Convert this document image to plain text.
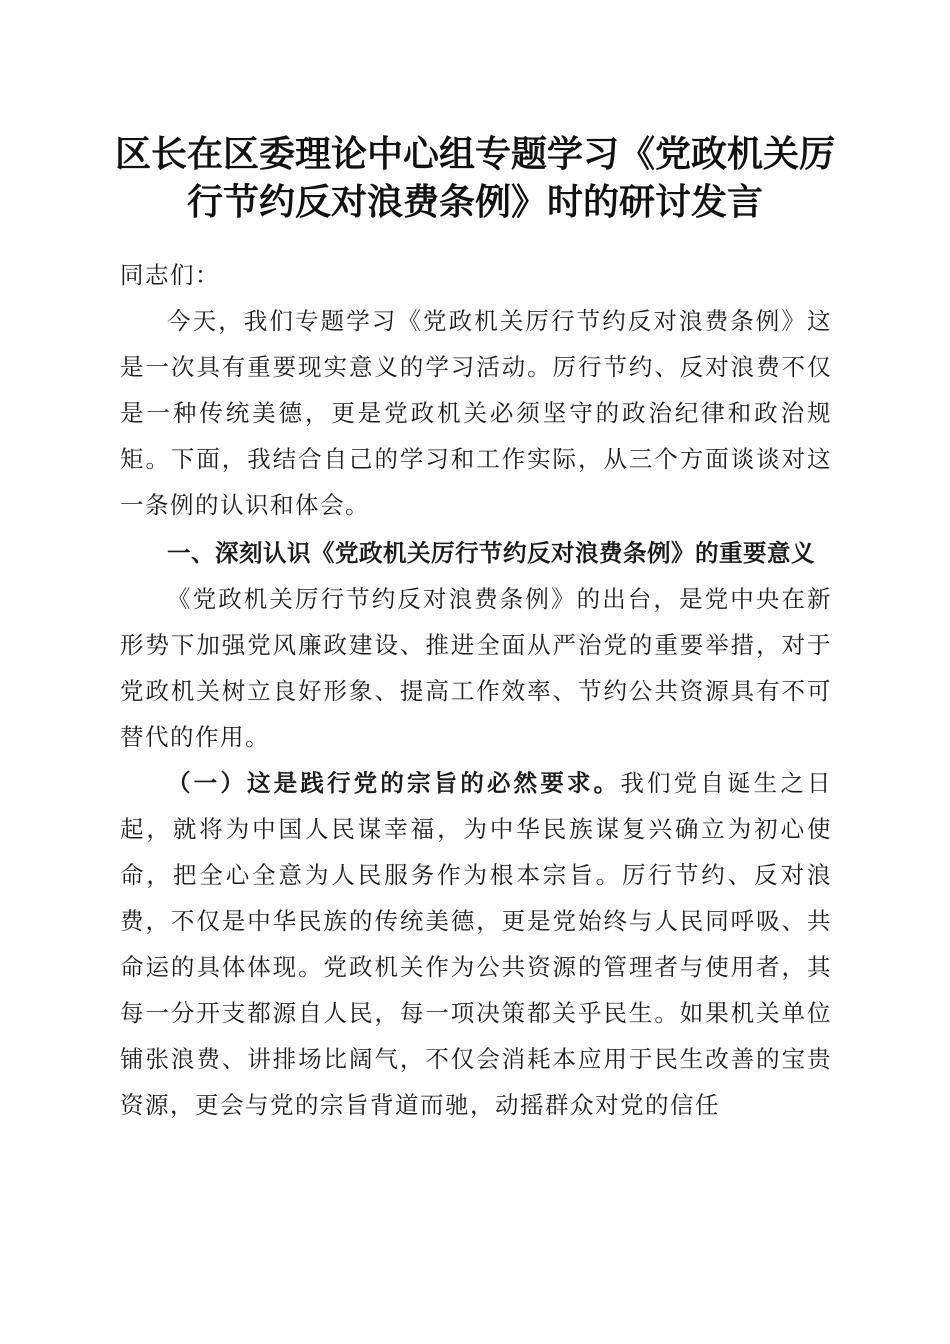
区长在区委理论中心组专题学习《党政机关厉
行节约反对浪费条例》时的研讨发言

同志们：

今天，我们专题学习《党政机关厉行节约反对浪费条例》这是一次具有重要现实意义的学习活动。厉行节约、反对浪费不仅是一种传统美德，更是党政机关必须坚守的政治纪律和政治规矩。下面，我结合自己的学习和工作实际，从三个方面谈谈对这一条例的认识和体会。

一、深刻认识《党政机关厉行节约反对浪费条例》的重要意义

《党政机关厉行节约反对浪费条例》的出台，是党中央在新形势下加强党风廉政建设、推进全面从严治党的重要举措，对于党政机关树立良好形象、提高工作效率、节约公共资源具有不可替代的作用。

（一）这是践行党的宗旨的必然要求。我们党自诞生之日起，就将为中国人民谋幸福，为中华民族谋复兴确立为初心使命，把全心全意为人民服务作为根本宗旨。厉行节约、反对浪费，不仅是中华民族的传统美德，更是党始终与人民同呼吸、共命运的具体体现。党政机关作为公共资源的管理者与使用者，其每一分开支都源自人民，每一项决策都关乎民生。如果机关单位铺张浪费、讲排场比阔气，不仅会消耗本应用于民生改善的宝贵资源，更会与党的宗旨背道而驰，动摇群众对党的信任
